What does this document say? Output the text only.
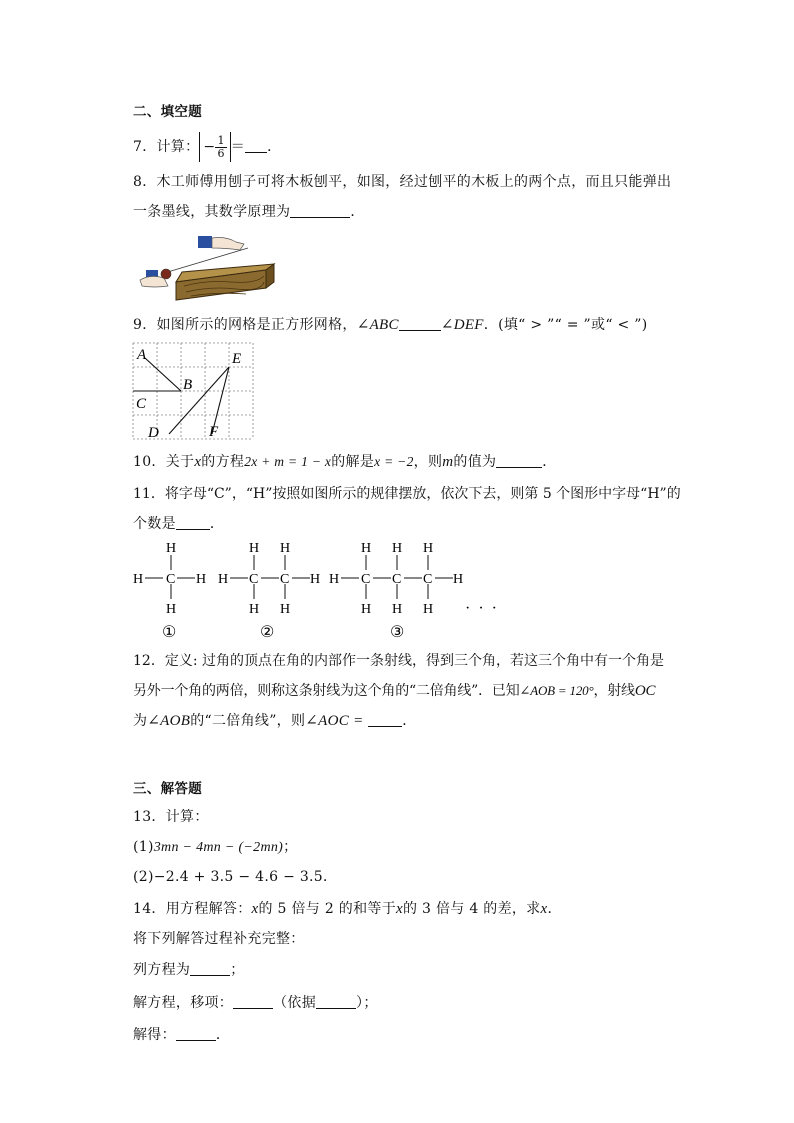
二、填空题
7．计算： − $\frac{1}{6}$ ＝ ．
8．木工师傅用刨子可将木板刨平，如图，经过刨平的木板上的两个点，而且只能弹出
一条墨线，其数学原理为	．
9．如图所示的网格是正方形网格，∠ABC	∠DEF．(填“ > ”“ = ”或“ < ”)
A
B
C
D
E
F
10．关于x的方程2x + m = 1 − x的解是x = −2，则m的值为	．
11．将字母“C”，“H”按照如图所示的规律摆放，依次下去，则第 5 个图形中字母“H”的
个数是 ．
H
H
C
H
H H
H
C
H
H
C
H
H H
H
C
H
H
C
H
H
C
H
H
· · ·
①	②	③
12．定义: 过角的顶点在角的内部作一条射线，得到三个角，若这三个角中有一个角是
另外一个角的两倍，则称这条射线为这个角的“二倍角线”．已知∠AOB = 120°，射线OC
为∠AOB的“二倍角线”，则∠AOC =	．
三、解答题
13．计算：
(1)3mn − 4mn − (−2mn)；
(2)−2.4 + 3.5 − 4.6 − 3.5．
14．用方程解答：x的 5 倍与 2 的和等于x的 3 倍与 4 的差，求x．
将下列解答过程补充完整：
列方程为	；
解方程，移项：	（依据	）；
解得：	．
